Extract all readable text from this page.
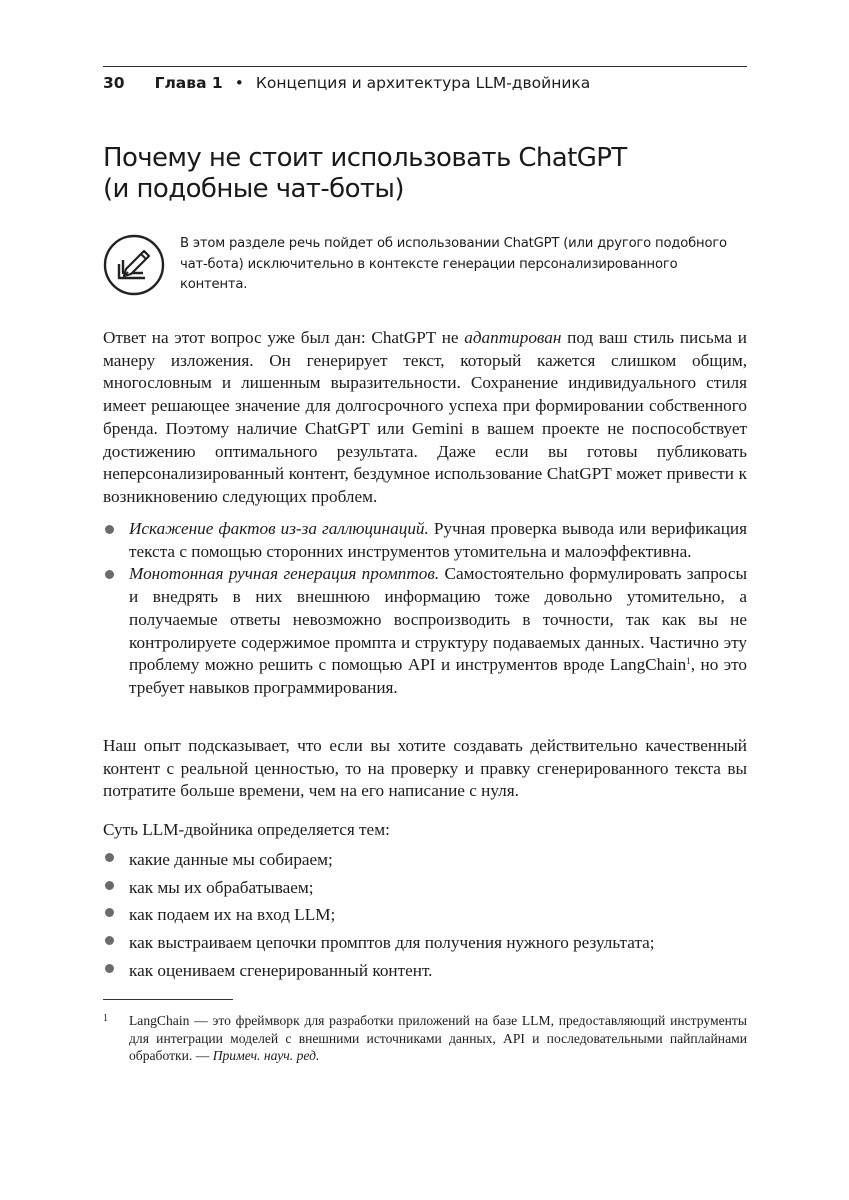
30 Глава 1 • Концепция и архитектура LLM-двойника
Почему не стоит использовать ChatGPT
(и подобные чат-боты)

В этом разделе речь пойдет об использовании ChatGPT (или другого подобного чат-бота) исключительно в контексте генерации персонализированного контента.

Ответ на этот вопрос уже был дан: ChatGPT не адаптирован под ваш стиль письма и манеру изложения. Он генерирует текст, который кажется слишком общим, многословным и лишенным выразительности. Сохранение индивидуального стиля имеет решающее значение для долгосрочного успеха при формировании собственного бренда. Поэтому наличие ChatGPT или Gemini в вашем проекте не поспособствует достижению оптимального результата. Даже если вы готовы публиковать неперсонализированный контент, бездумное использование ChatGPT может привести к возникновению следующих проблем.

Искажение фактов из-за галлюцинаций. Ручная проверка вывода или верификация текста с помощью сторонних инструментов утомительна и малоэффективна.
Монотонная ручная генерация промптов. Самостоятельно формулировать запросы и внедрять в них внешнюю информацию тоже довольно утомительно, а получаемые ответы невозможно воспроизводить в точности, так как вы не контролируете содержимое промпта и структуру подаваемых данных. Частично эту проблему можно решить с помощью API и инструментов вроде LangChain$^1$, но это требует навыков программирования.

Наш опыт подсказывает, что если вы хотите создавать действительно качественный контент с реальной ценностью, то на проверку и правку сгенерированного текста вы потратите больше времени, чем на его написание с нуля.

Суть LLM-двойника определяется тем:

какие данные мы собираем;
как мы их обрабатываем;
как подаем их на вход LLM;
как выстраиваем цепочки промптов для получения нужного результата;
как оцениваем сгенерированный контент.
1 LangChain — это фреймворк для разработки приложений на базе LLM, предоставляющий инструменты для интеграции моделей с внешними источниками данных, API и последовательными пайплайнами обработки. — Примеч. науч. ред.
